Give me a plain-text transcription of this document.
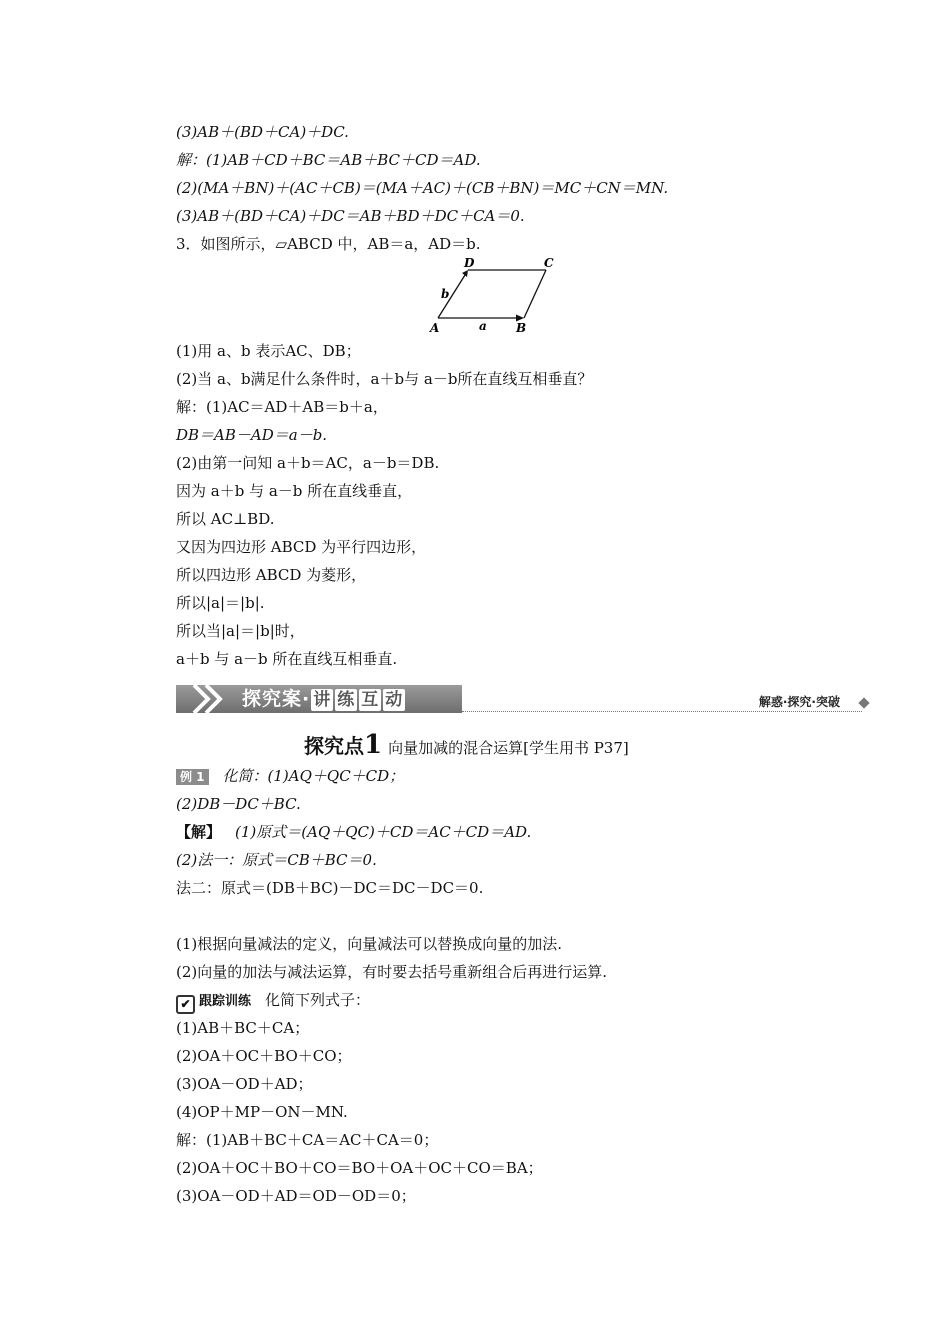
(3)AB＋(BD＋CA)＋DC.
解：(1)AB＋CD＋BC＝AB＋BC＋CD＝AD.
(2)(MA＋BN)＋(AC＋CB)＝(MA＋AC)＋(CB＋BN)＝MC＋CN＝MN.
(3)AB＋(BD＋CA)＋DC＝AB＋BD＋DC＋CA＝0.
3．如图所示，▱ABCD 中，AB＝a，AD＝b.
D	C
A	B
a
b
(1)用 a、b 表示AC、DB；
(2)当 a、b满足什么条件时，a＋b与 a－b所在直线互相垂直？
解：(1)AC＝AD＋AB＝b＋a，
DB＝AB－AD＝a－b.
(2)由第一问知 a＋b＝AC，a－b＝DB.
因为 a＋b 与 a－b 所在直线垂直，
所以 AC⊥BD.
又因为四边形 ABCD 为平行四边形，
所以四边形 ABCD 为菱形，
所以|a|＝|b|.
所以当|a|＝|b|时，
a＋b 与 a－b 所在直线互相垂直.
探究案· 讲 练 互 动	解惑·探究·突破
探究点1 向量加减的混合运算[学生用书 P37]
例 1 化简：(1)AQ＋QC＋CD；
(2)DB－DC＋BC.
【解】 (1)原式＝(AQ＋QC)＋CD＝AC＋CD＝AD.
(2)法一：原式＝CB＋BC＝0.
法二：原式＝(DB＋BC)－DC＝DC－DC＝0.
(1)根据向量减法的定义，向量减法可以替换成向量的加法.
(2)向量的加法与减法运算，有时要去括号重新组合后再进行运算.
✔ 跟踪训练 化简下列式子：
(1)AB＋BC＋CA；
(2)OA＋OC＋BO＋CO；
(3)OA－OD＋AD；
(4)OP＋MP－ON－MN.
解：(1)AB＋BC＋CA＝AC＋CA＝0；
(2)OA＋OC＋BO＋CO＝BO＋OA＋OC＋CO＝BA；
(3)OA－OD＋AD＝OD－OD＝0；
